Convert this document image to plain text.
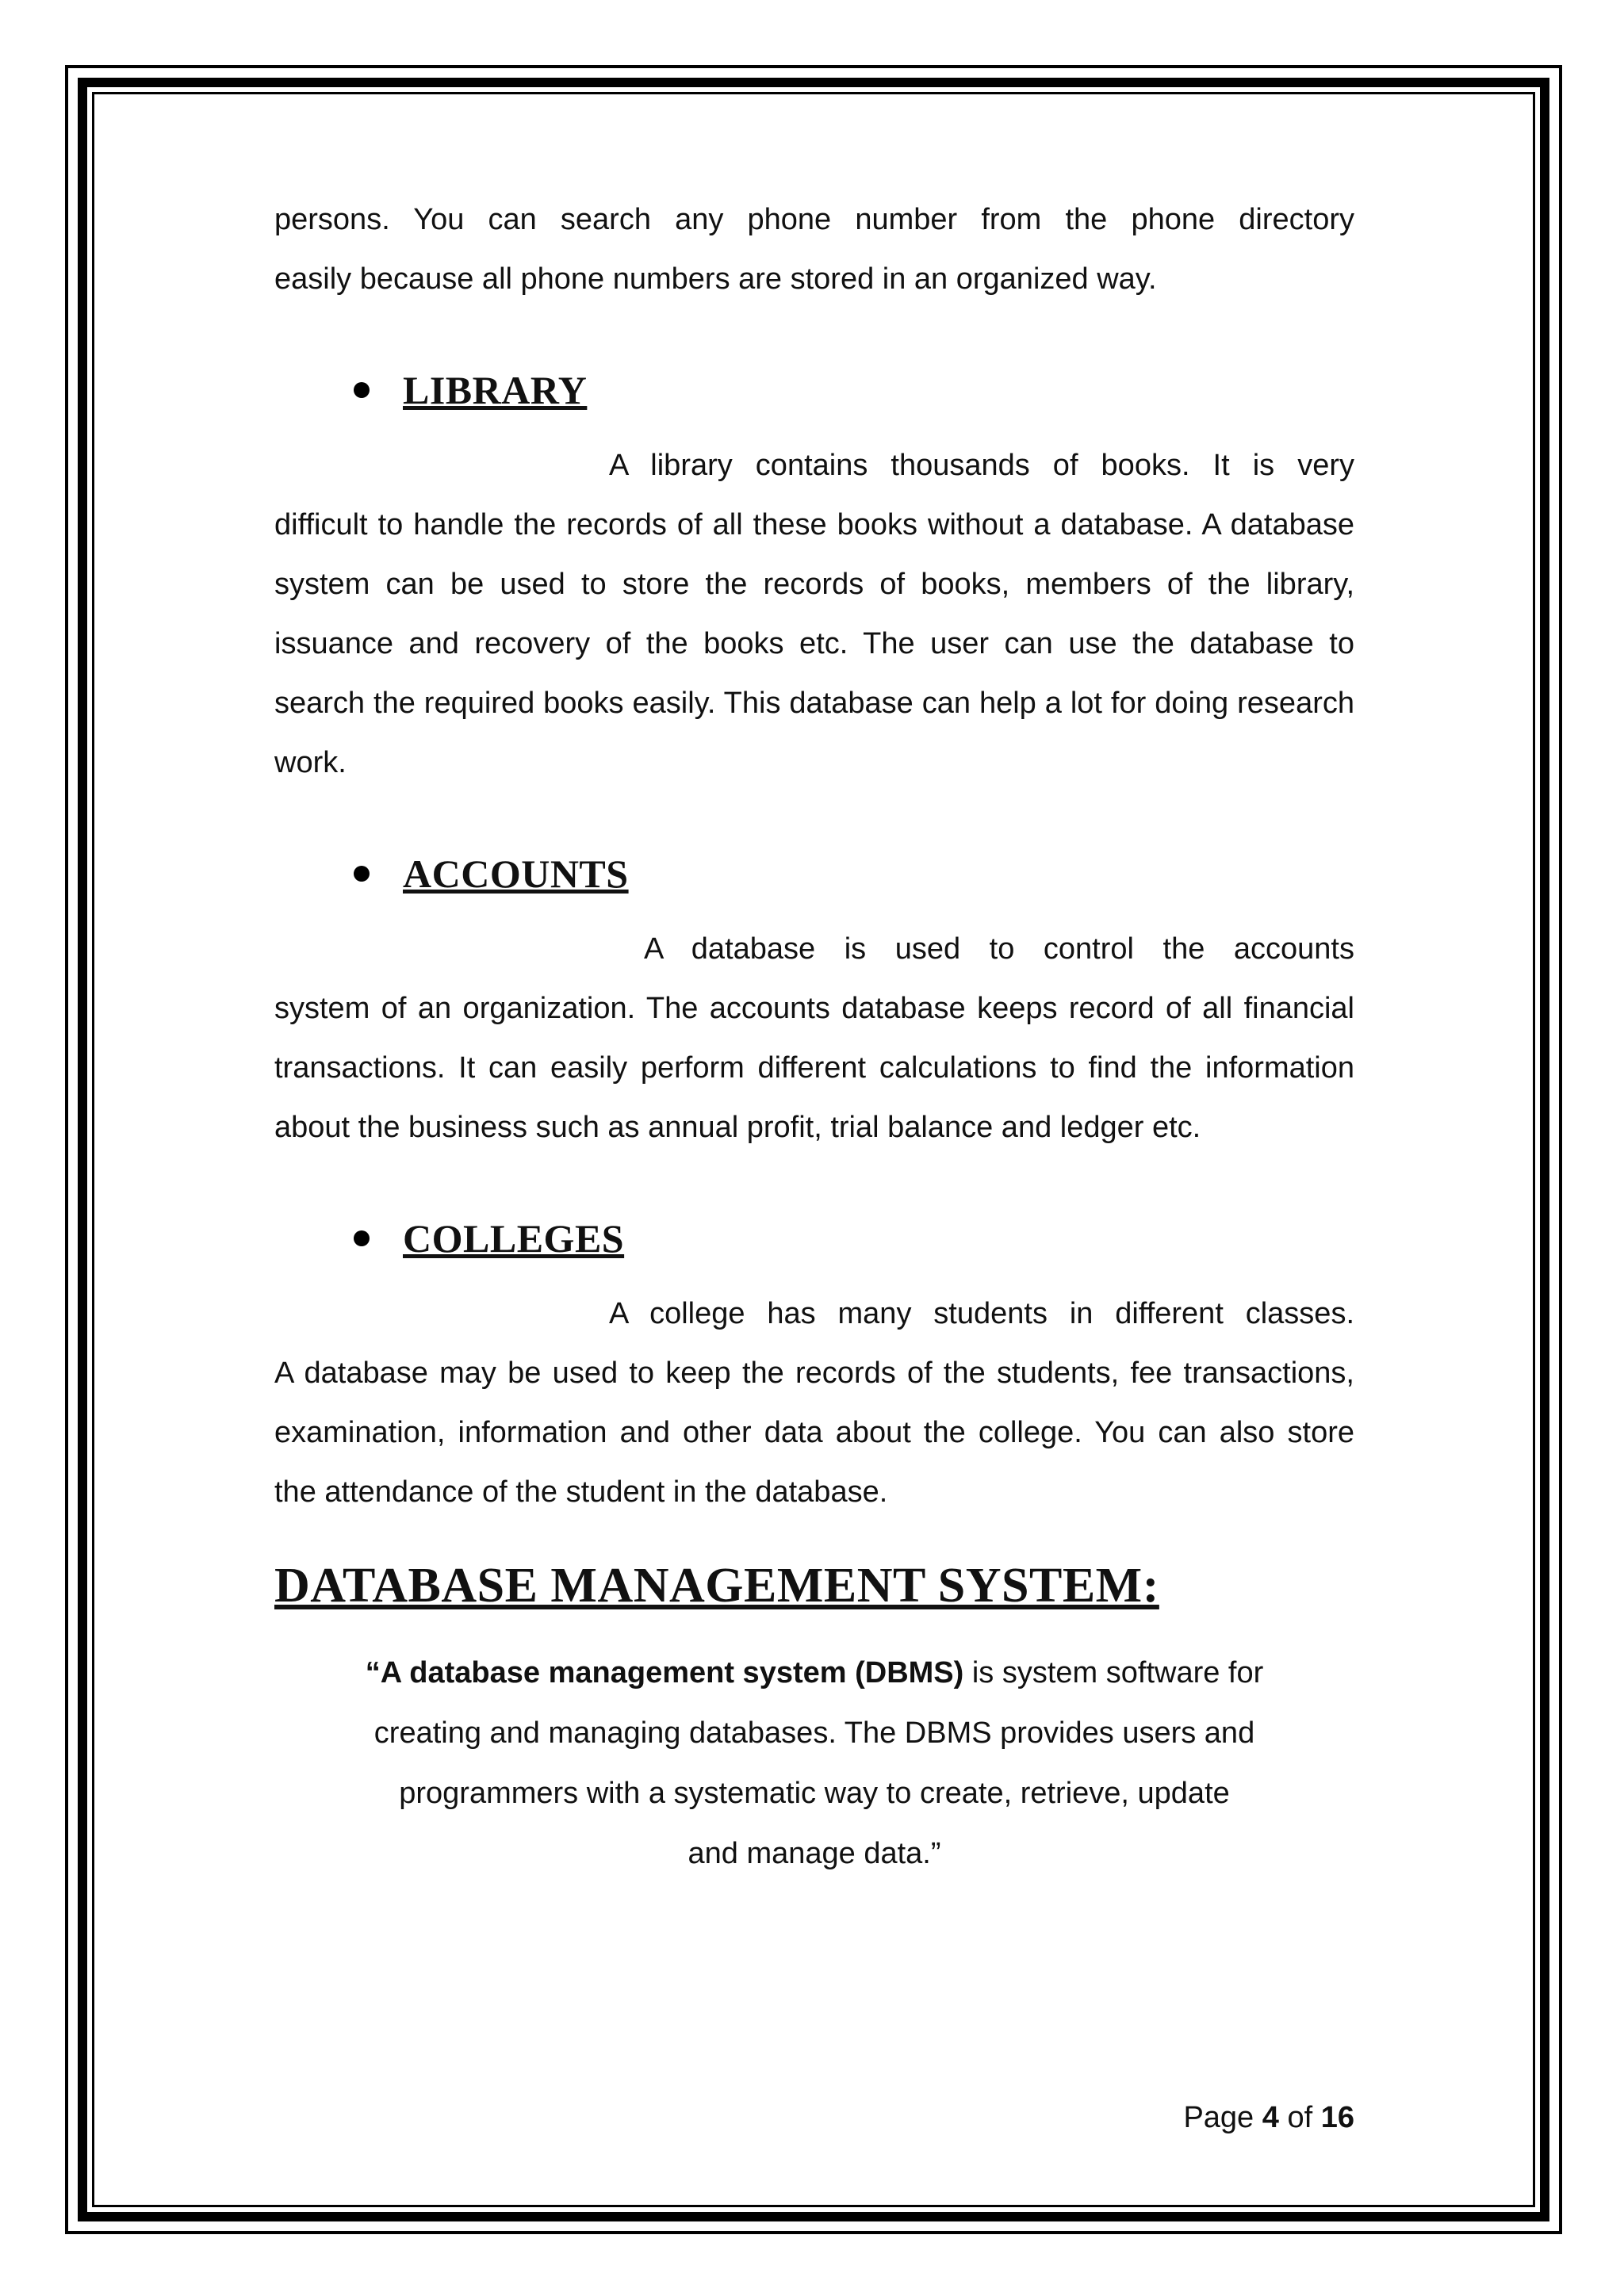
persons. You can search any phone number from the phone directory

easily because all phone numbers are stored in an organized way.

LIBRARY

A library contains thousands of books. It is very

difficult to handle the records of all these books without a database. A database system can be used to store the records of books, members of the library, issuance and recovery of the books etc. The user can use the database to search the required books easily. This database can help a lot for doing research work.

ACCOUNTS

A database is used to control the accounts

system of an organization. The accounts database keeps record of all financial transactions. It can easily perform different calculations to find the information about the business such as annual profit, trial balance and ledger etc.

COLLEGES

A college has many students in different classes.

A database may be used to keep the records of the students, fee transactions, examination, information and other data about the college. You can also store the attendance of the student in the database.

DATABASE MANAGEMENT SYSTEM:
“A database management system (DBMS) is system software for
creating and managing databases. The DBMS provides users and
programmers with a systematic way to create, retrieve, update
and manage data.”
Page 4 of 16
